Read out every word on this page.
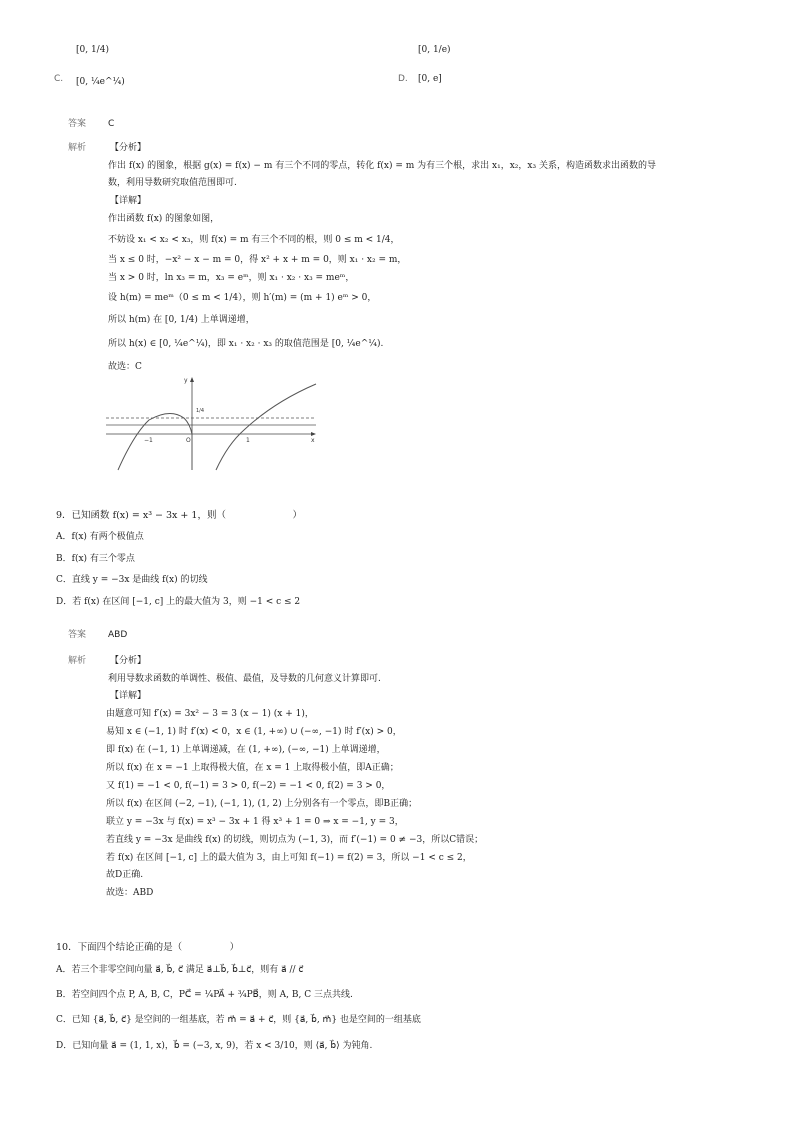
[0, 1/4)
C. [0, ¼e^¼)
[0, 1/e)
D. [0, e]
答案 C
解析	【分析】
作出 f(x) 的图象，根据 g(x) = f(x) − m 有三个不同的零点，转化 f(x) = m 为有三个根，求出 x₁，x₂，x₃ 关系，构造函数求出函数的导
数，利用导数研究取值范围即可.
【详解】
作出函数 f(x) 的图象如图，
不妨设 x₁ < x₂ < x₃，则 f(x) = m 有三个不同的根，则 0 ≤ m < 1/4，
当 x ≤ 0 时，−x² − x − m = 0，得 x² + x + m = 0，则 x₁ · x₂ = m，
当 x > 0 时，ln x₃ = m，x₃ = eᵐ，则 x₁ · x₂ · x₃ = meᵐ，
设 h(m) = meᵐ（0 ≤ m < 1/4），则 h′(m) = (m + 1) eᵐ > 0，
所以 h(m) 在 [0, 1/4) 上单调递增，
所以 h(x) ∈ [0, ¼e^¼)，即 x₁ · x₂ · x₃ 的取值范围是 [0, ¼e^¼).
故选：C
y
x
O
−1	1
1/4
9．已知函数 f(x) = x³ − 3x + 1，则（　　　　　　　）
A．f(x) 有两个极值点
B．f(x) 有三个零点
C．直线 y = −3x 是曲线 f(x) 的切线
D．若 f(x) 在区间 [−1, c] 上的最大值为 3，则 −1 < c ≤ 2
答案 ABD
解析	【分析】
利用导数求函数的单调性、极值、最值，及导数的几何意义计算即可.
【详解】
由题意可知 f′(x) = 3x² − 3 = 3 (x − 1) (x + 1)，
易知 x ∈ (−1, 1) 时 f′(x) < 0，x ∈ (1, +∞) ∪ (−∞, −1) 时 f′(x) > 0，
即 f(x) 在 (−1, 1) 上单调递减，在 (1, +∞), (−∞, −1) 上单调递增，
所以 f(x) 在 x = −1 上取得极大值，在 x = 1 上取得极小值，即A正确；
又 f(1) = −1 < 0, f(−1) = 3 > 0, f(−2) = −1 < 0, f(2) = 3 > 0，
所以 f(x) 在区间 (−2, −1), (−1, 1), (1, 2) 上分别各有一个零点，即B正确；
联立 y = −3x 与 f(x) = x³ − 3x + 1 得 x³ + 1 = 0 ⇒ x = −1, y = 3，
若直线 y = −3x 是曲线 f(x) 的切线，则切点为 (−1, 3)，而 f′(−1) = 0 ≠ −3，所以C错误；
若 f(x) 在区间 [−1, c] 上的最大值为 3，由上可知 f(−1) = f(2) = 3，所以 −1 < c ≤ 2，
故D正确.
故选：ABD
10．下面四个结论正确的是（　　　　　）
A．若三个非零空间向量 a⃗, b⃗, c⃗ 满足 a⃗⊥b⃗, b⃗⊥c⃗，则有 a⃗ // c⃗
B．若空间四个点 P, A, B, C，PC⃗ = ¼PA⃗ + ¾PB⃗，则 A, B, C 三点共线.
C．已知 {a⃗, b⃗, c⃗} 是空间的一组基底，若 m⃗ = a⃗ + c⃗，则 {a⃗, b⃗, m⃗} 也是空间的一组基底
D．已知向量 a⃗ = (1, 1, x)，b⃗ = (−3, x, 9)，若 x < 3/10，则 ⟨a⃗, b⃗⟩ 为钝角.
